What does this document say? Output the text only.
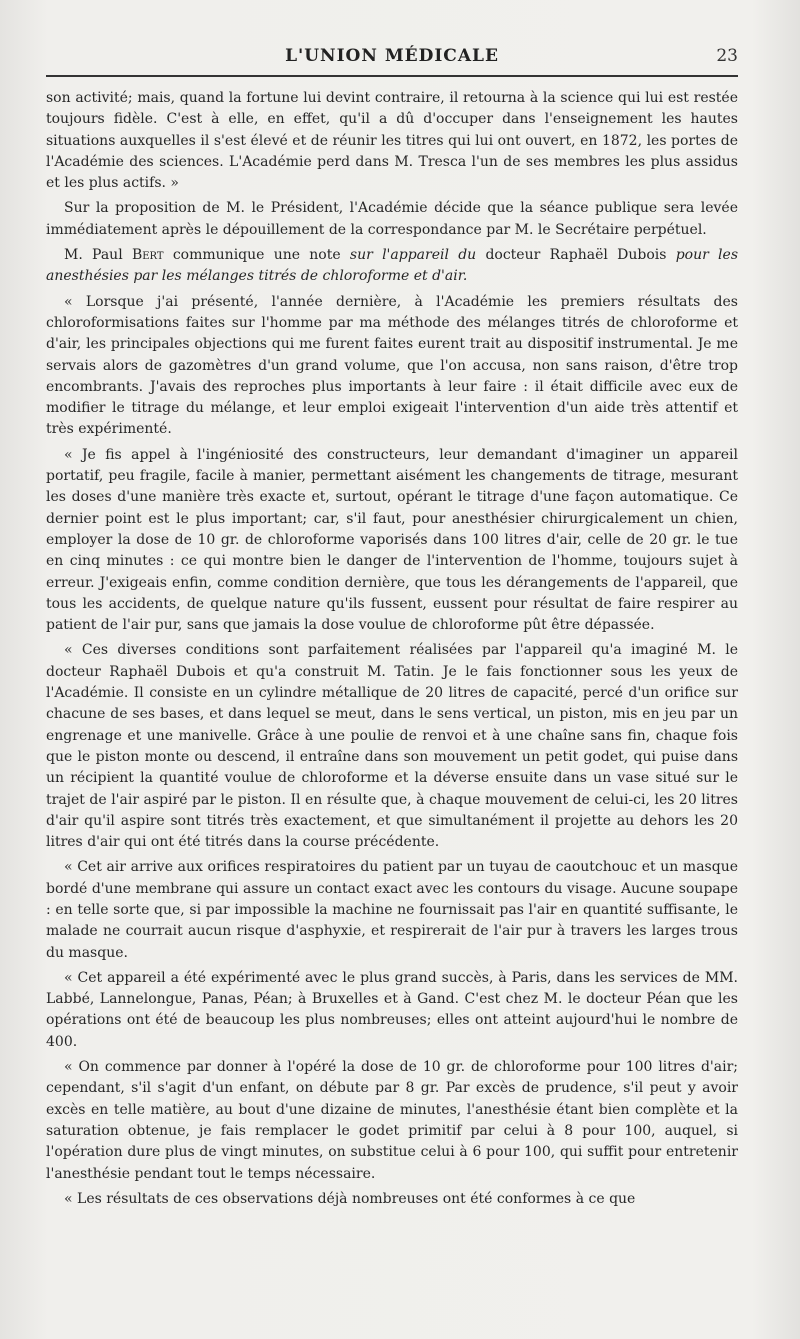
L'UNION MÉDICALE	23

son activité; mais, quand la fortune lui devint contraire, il retourna à la science qui lui est restée toujours fidèle. C'est à elle, en effet, qu'il a dû d'occuper dans l'enseignement les hautes situations auxquelles il s'est élevé et de réunir les titres qui lui ont ouvert, en 1872, les portes de l'Académie des sciences. L'Académie perd dans M. Tresca l'un de ses membres les plus assidus et les plus actifs. »

Sur la proposition de M. le Président, l'Académie décide que la séance publique sera levée immédiatement après le dépouillement de la correspondance par M. le Secrétaire perpétuel.

M. Paul Bert communique une note sur l'appareil du docteur Raphaël Dubois pour les anesthésies par les mélanges titrés de chloroforme et d'air.

« Lorsque j'ai présenté, l'année dernière, à l'Académie les premiers résultats des chloroformisations faites sur l'homme par ma méthode des mélanges titrés de chloroforme et d'air, les principales objections qui me furent faites eurent trait au dispositif instrumental. Je me servais alors de gazomètres d'un grand volume, que l'on accusa, non sans raison, d'être trop encombrants. J'avais des reproches plus importants à leur faire : il était difficile avec eux de modifier le titrage du mélange, et leur emploi exigeait l'intervention d'un aide très attentif et très expérimenté.

« Je fis appel à l'ingéniosité des constructeurs, leur demandant d'imaginer un appareil portatif, peu fragile, facile à manier, permettant aisément les changements de titrage, mesurant les doses d'une manière très exacte et, surtout, opérant le titrage d'une façon automatique. Ce dernier point est le plus important; car, s'il faut, pour anesthésier chirurgicalement un chien, employer la dose de 10 gr. de chloroforme vaporisés dans 100 litres d'air, celle de 20 gr. le tue en cinq minutes : ce qui montre bien le danger de l'intervention de l'homme, toujours sujet à erreur. J'exigeais enfin, comme condition dernière, que tous les dérangements de l'appareil, que tous les accidents, de quelque nature qu'ils fussent, eussent pour résultat de faire respirer au patient de l'air pur, sans que jamais la dose voulue de chloroforme pût être dépassée.

« Ces diverses conditions sont parfaitement réalisées par l'appareil qu'a imaginé M. le docteur Raphaël Dubois et qu'a construit M. Tatin. Je le fais fonctionner sous les yeux de l'Académie. Il consiste en un cylindre métallique de 20 litres de capacité, percé d'un orifice sur chacune de ses bases, et dans lequel se meut, dans le sens vertical, un piston, mis en jeu par un engrenage et une manivelle. Grâce à une poulie de renvoi et à une chaîne sans fin, chaque fois que le piston monte ou descend, il entraîne dans son mouvement un petit godet, qui puise dans un récipient la quantité voulue de chloroforme et la déverse ensuite dans un vase situé sur le trajet de l'air aspiré par le piston. Il en résulte que, à chaque mouvement de celui-ci, les 20 litres d'air qu'il aspire sont titrés très exactement, et que simultanément il projette au dehors les 20 litres d'air qui ont été titrés dans la course précédente.

« Cet air arrive aux orifices respiratoires du patient par un tuyau de caoutchouc et un masque bordé d'une membrane qui assure un contact exact avec les contours du visage. Aucune soupape : en telle sorte que, si par impossible la machine ne fournissait pas l'air en quantité suffisante, le malade ne courrait aucun risque d'asphyxie, et respirerait de l'air pur à travers les larges trous du masque.

« Cet appareil a été expérimenté avec le plus grand succès, à Paris, dans les services de MM. Labbé, Lannelongue, Panas, Péan; à Bruxelles et à Gand. C'est chez M. le docteur Péan que les opérations ont été de beaucoup les plus nombreuses; elles ont atteint aujourd'hui le nombre de 400.

« On commence par donner à l'opéré la dose de 10 gr. de chloroforme pour 100 litres d'air; cependant, s'il s'agit d'un enfant, on débute par 8 gr. Par excès de prudence, s'il peut y avoir excès en telle matière, au bout d'une dizaine de minutes, l'anesthésie étant bien complète et la saturation obtenue, je fais remplacer le godet primitif par celui à 8 pour 100, auquel, si l'opération dure plus de vingt minutes, on substitue celui à 6 pour 100, qui suffit pour entretenir l'anesthésie pendant tout le temps nécessaire.

« Les résultats de ces observations déjà nombreuses ont été conformes à ce que
